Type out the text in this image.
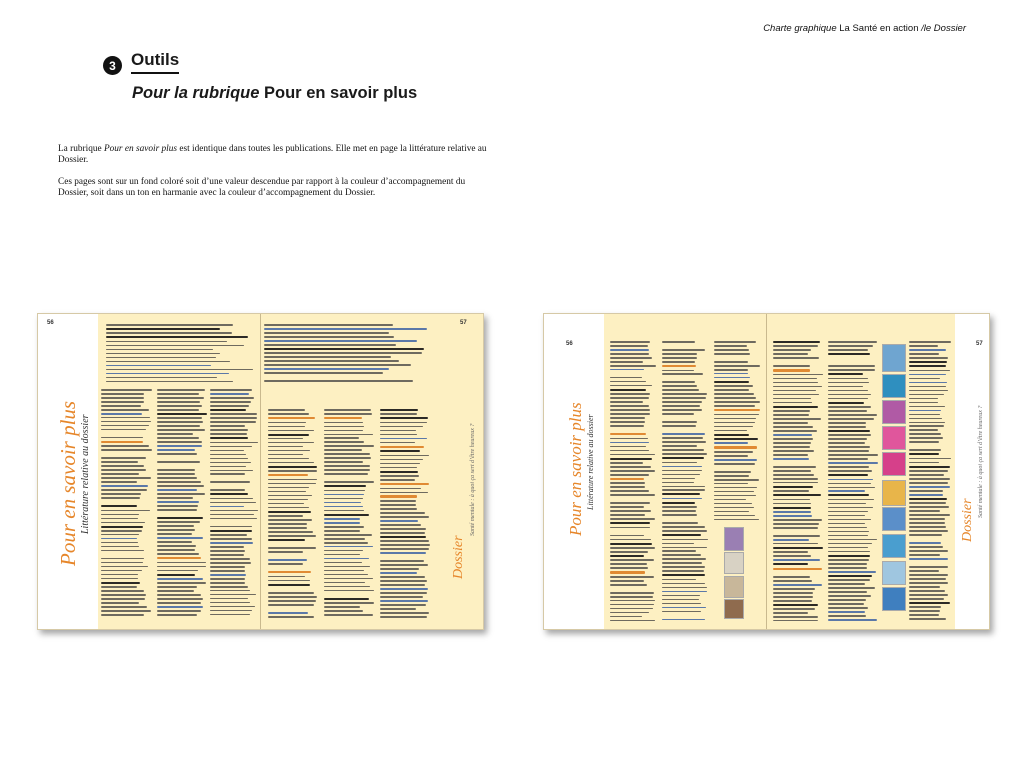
Charte graphique La Santé en action /le Dossier
3 Outils
Pour la rubrique Pour en savoir plus

La rubrique Pour en savoir plus est identique dans toutes les publications. Elle met en page la littérature relative au Dossier.

Ces pages sont sur un fond coloré soit d’une valeur descendue par rapport à la couleur d’accompagnement du Dossier, soit dans un ton en harmanie avec la couleur d’accompagnement du Dossier.

56	57
Pour en savoir plus Littérature relative au dossier
Dossier
Santé mentale : à quoi ça sert d’être heureux ?
56	57
Pour en savoir plus Littérature relative au dossier
Dossier
Santé mentale : à quoi ça sert d’être heureux ?
